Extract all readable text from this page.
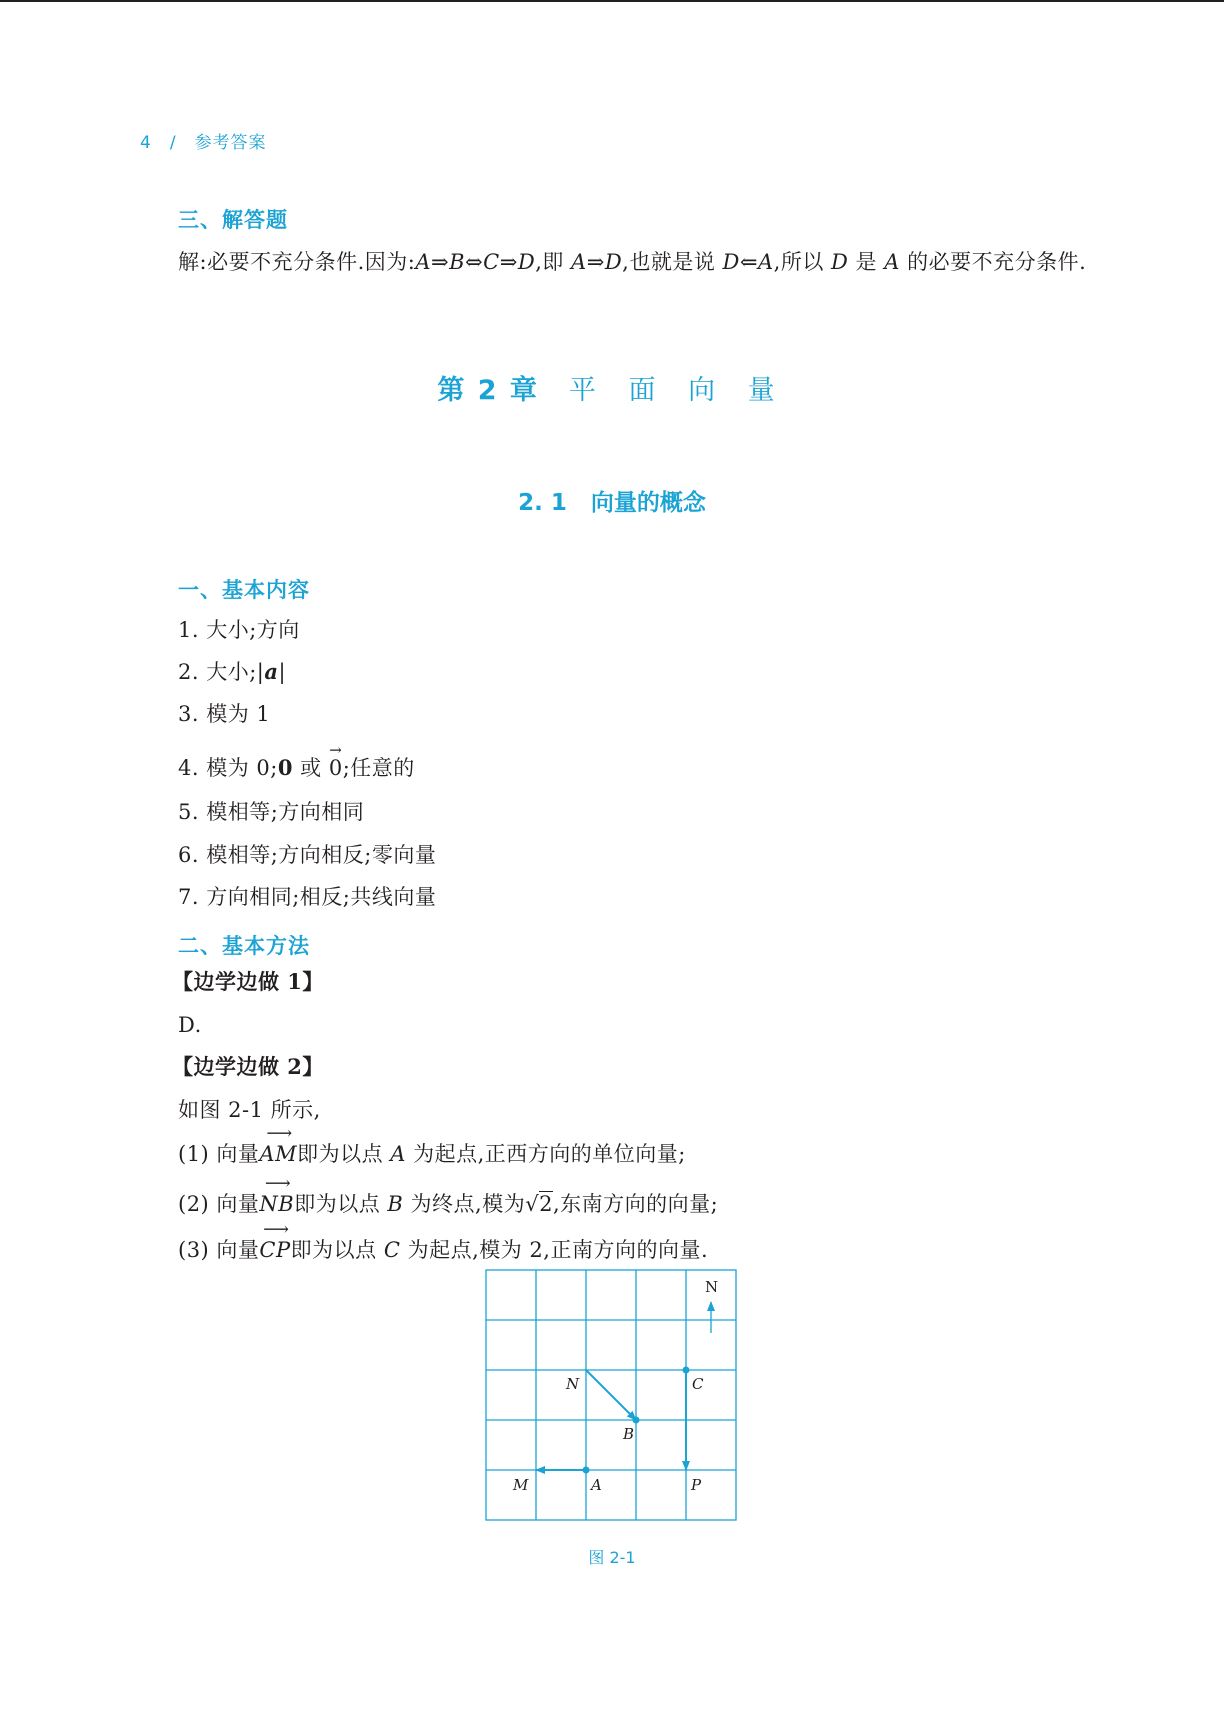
4 / 参考答案
三、解答题
解:必要不充分条件.因为:A⇒B⇔C⇒D,即 A⇒D,也就是说 D⇐A,所以 D 是 A 的必要不充分条件.
第 2 章 平 面 向 量
2. 1 向量的概念
一、基本内容
1. 大小;方向
2. 大小;|a|
3. 模为 1
4. 模为 0;0 或 0
→
;任意的
5. 模相等;方向相同
6. 模相等;方向相反;零向量
7. 方向相同;相反;共线向量
二、基本方法
【边学边做 1】
D.
【边学边做 2】
如图 2-1 所示,
(1) 向量⟶ AM即为以点 A 为起点,正西方向的单位向量;
(2) 向量⟶ NB即为以点 B 为终点,模为√2,东南方向的向量;
(3) 向量⟶ CP即为以点 C 为起点,模为 2,正南方向的向量.
N
N
B
C
P
A
M
图 2-1
